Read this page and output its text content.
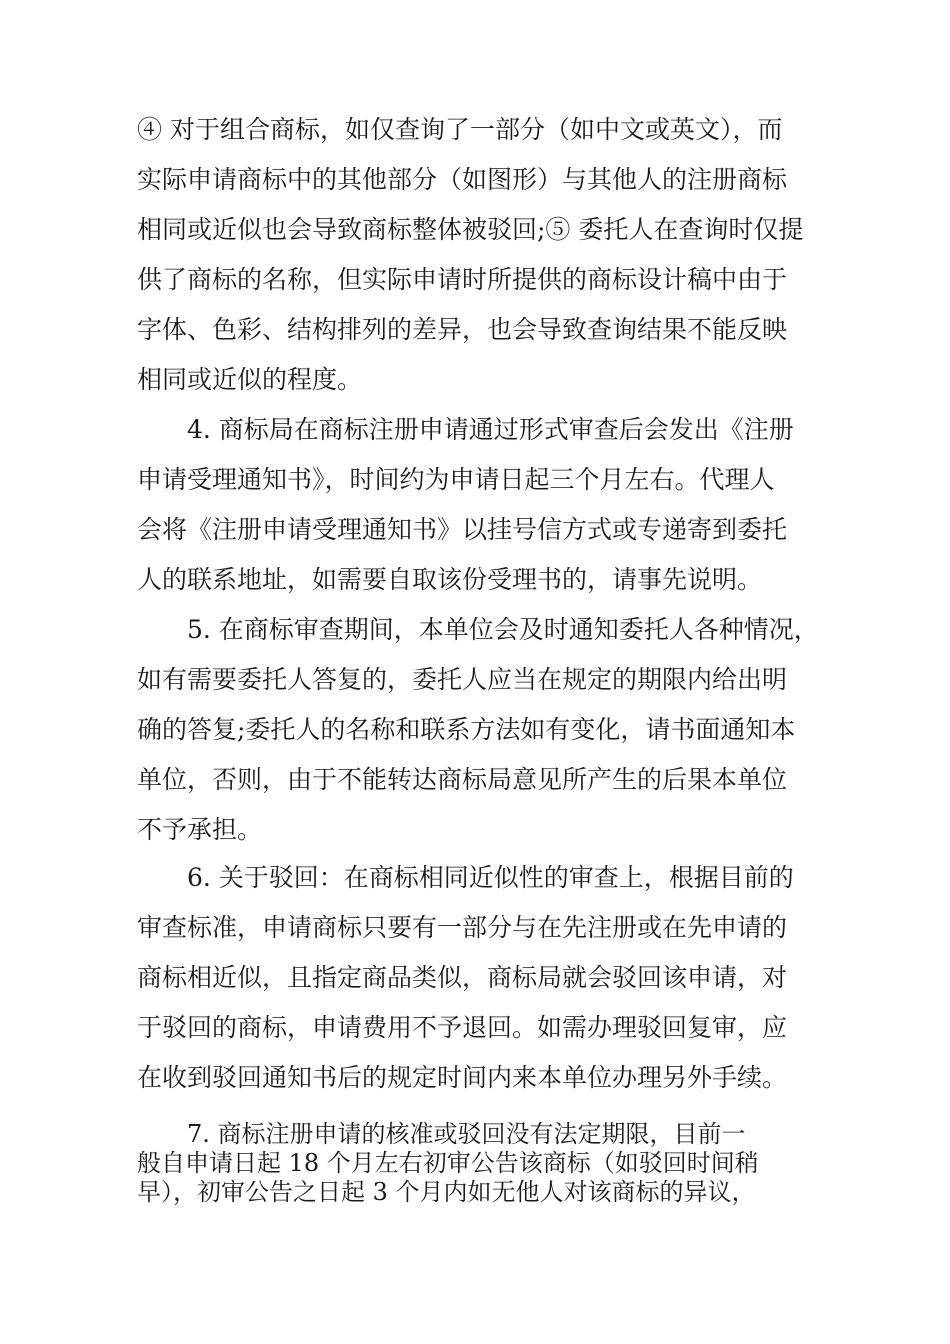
④ 对于组合商标，如仅查询了一部分（如中文或英文），而
实际申请商标中的其他部分（如图形）与其他人的注册商标
相同或近似也会导致商标整体被驳回;⑤ 委托人在查询时仅提
供了商标的名称，但实际申请时所提供的商标设计稿中由于
字体、色彩、结构排列的差异，也会导致查询结果不能反映
相同或近似的程度。
4. 商标局在商标注册申请通过形式审查后会发出《注册
申请受理通知书》，时间约为申请日起三个月左右。代理人
会将《注册申请受理通知书》以挂号信方式或专递寄到委托
人的联系地址，如需要自取该份受理书的，请事先说明。
5. 在商标审查期间，本单位会及时通知委托人各种情况，
如有需要委托人答复的，委托人应当在规定的期限内给出明
确的答复;委托人的名称和联系方法如有变化，请书面通知本
单位，否则，由于不能转达商标局意见所产生的后果本单位
不予承担。
6. 关于驳回：在商标相同近似性的审查上，根据目前的
审查标准，申请商标只要有一部分与在先注册或在先申请的
商标相近似，且指定商品类似，商标局就会驳回该申请，对
于驳回的商标，申请费用不予退回。如需办理驳回复审，应
在收到驳回通知书后的规定时间内来本单位办理另外手续。
7. 商标注册申请的核准或驳回没有法定期限，目前一
般自申请日起 18 个月左右初审公告该商标（如驳回时间稍
早），初审公告之日起 3 个月内如无他人对该商标的异议，
